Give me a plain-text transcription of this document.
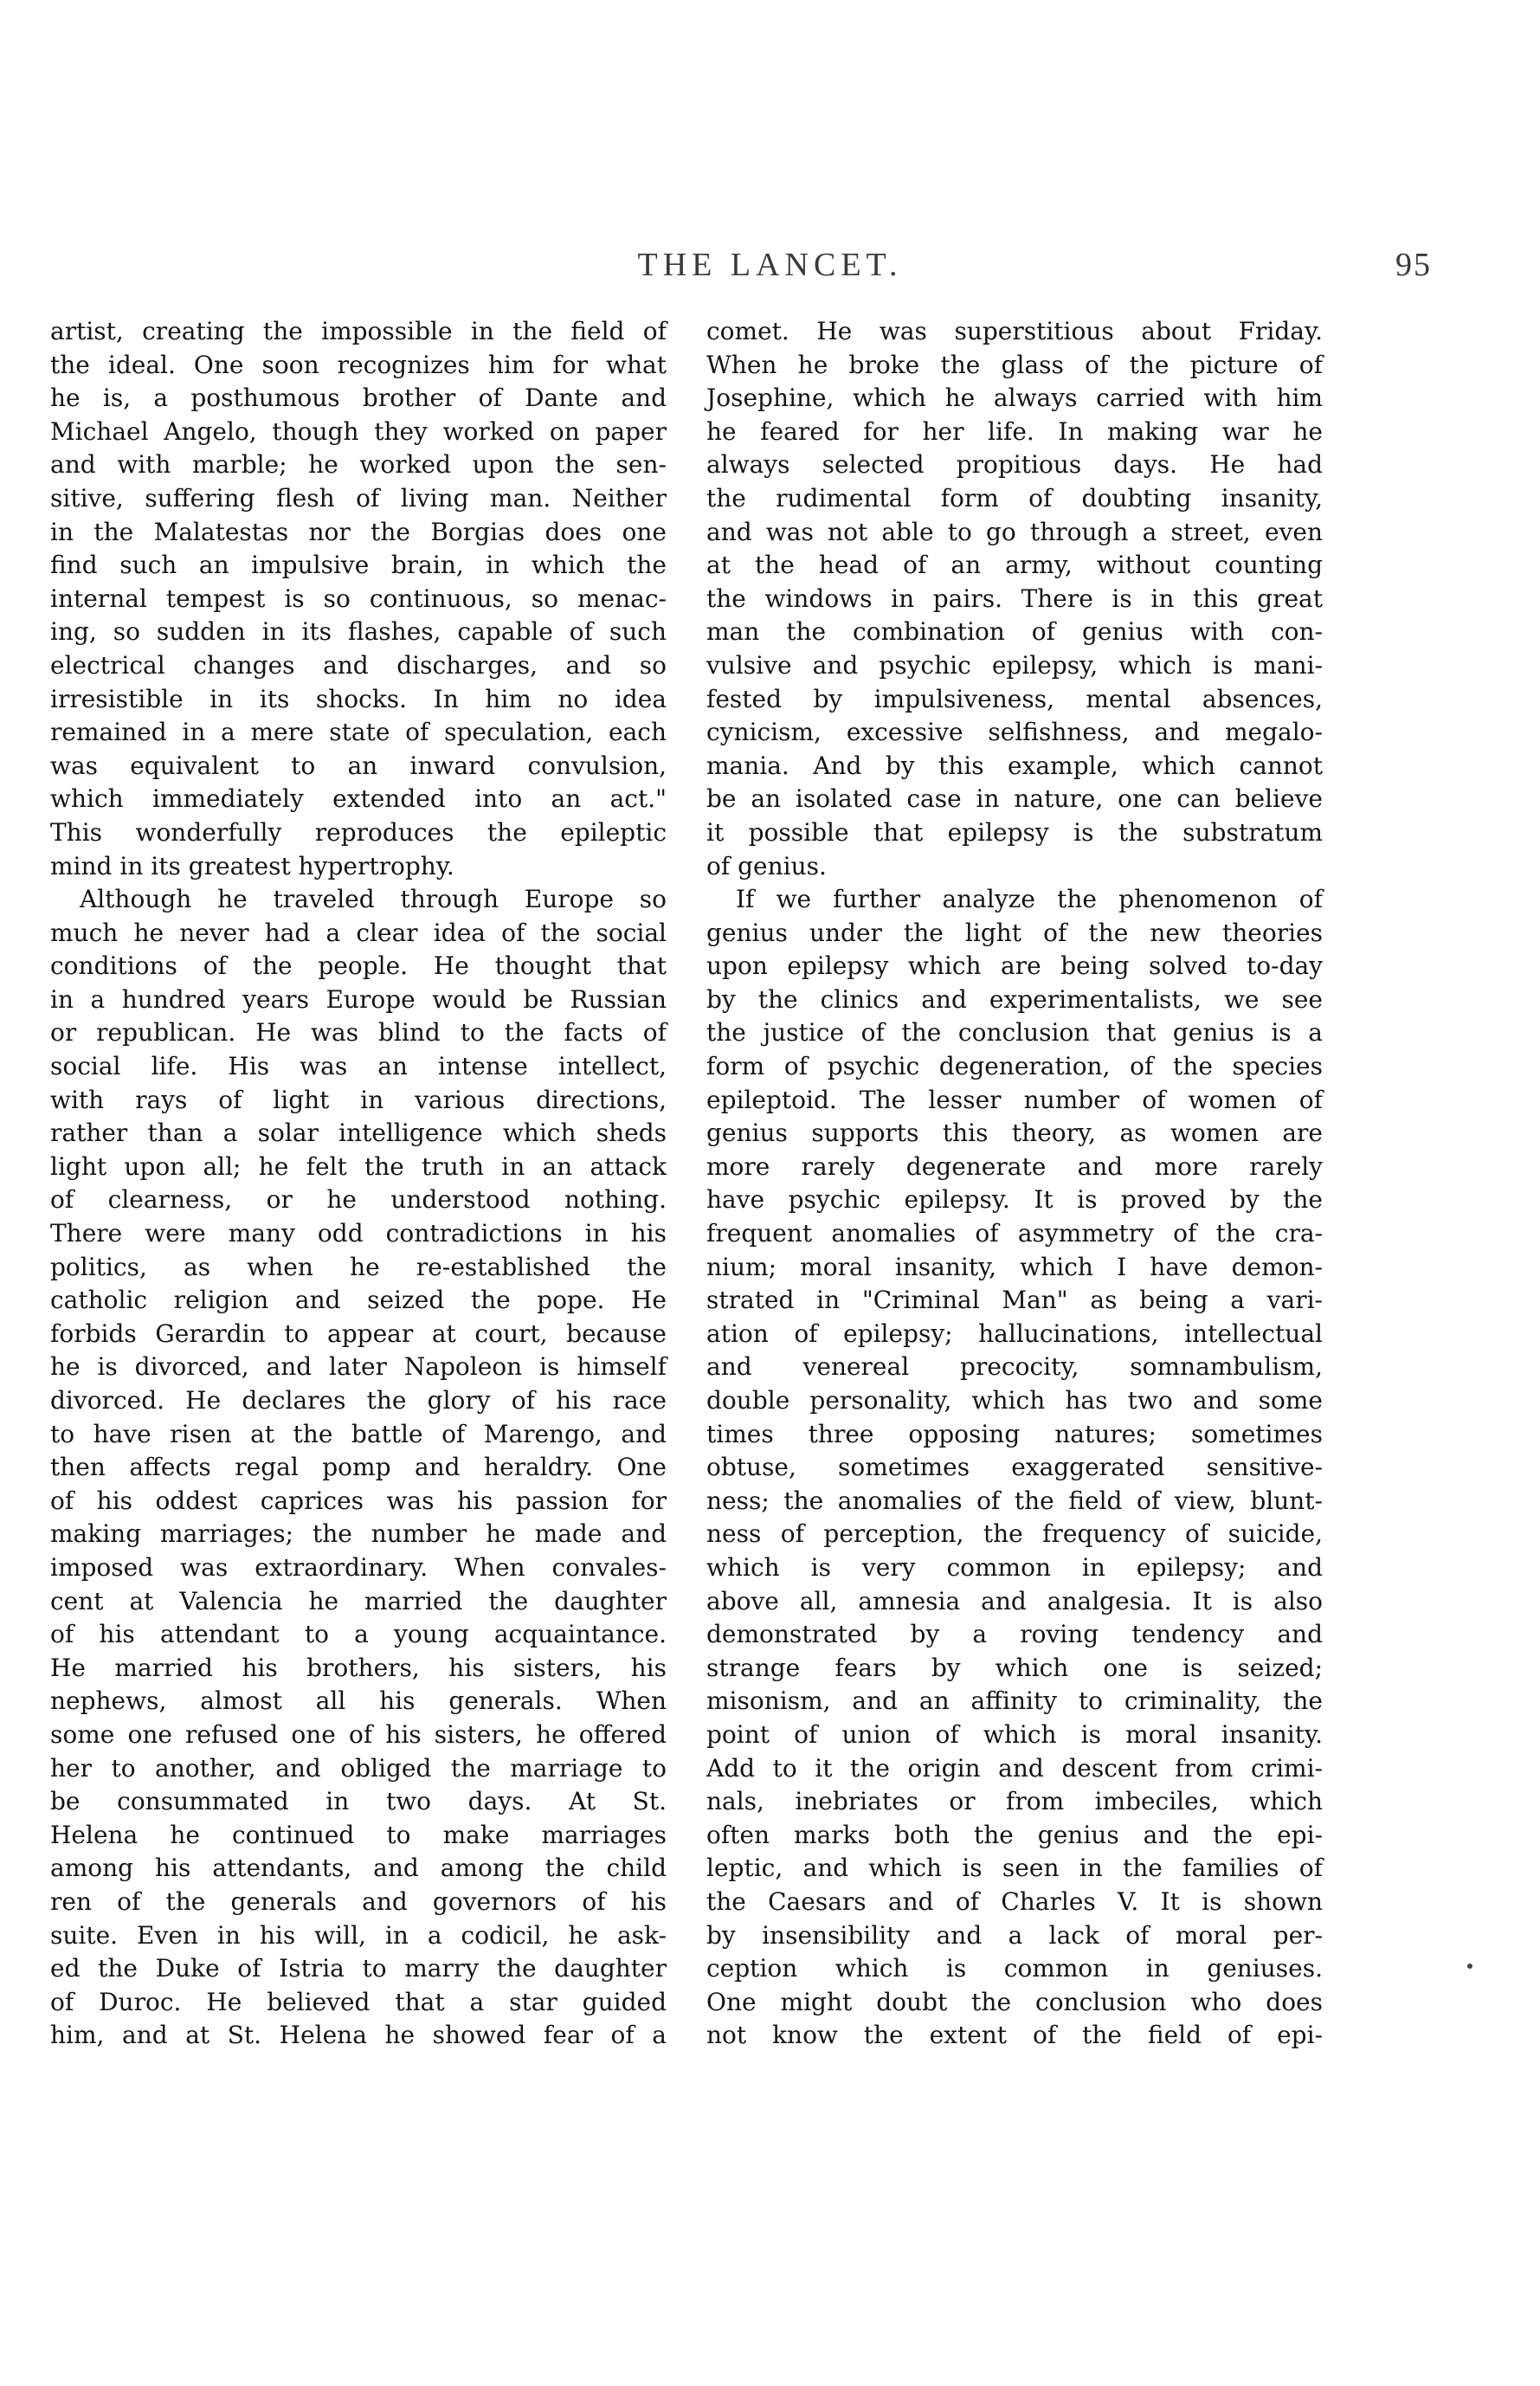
THE LANCET.	95
artist, creating the impossible in the field of
the ideal. One soon recognizes him for what
he is, a posthumous brother of Dante and
Michael Angelo, though they worked on paper
and with marble; he worked upon the sen-
sitive, suffering flesh of living man. Neither
in the Malatestas nor the Borgias does one
find such an impulsive brain, in which the
internal tempest is so continuous, so menac-
ing, so sudden in its flashes, capable of such
electrical changes and discharges, and so
irresistible in its shocks. In him no idea
remained in a mere state of speculation, each
was equivalent to an inward convulsion,
which immediately extended into an act."
This wonderfully reproduces the epileptic
mind in its greatest hypertrophy.
Although he traveled through Europe so
much he never had a clear idea of the social
conditions of the people. He thought that
in a hundred years Europe would be Russian
or republican. He was blind to the facts of
social life. His was an intense intellect,
with rays of light in various directions,
rather than a solar intelligence which sheds
light upon all; he felt the truth in an attack
of clearness, or he understood nothing.
There were many odd contradictions in his
politics, as when he re-established the
catholic religion and seized the pope. He
forbids Gerardin to appear at court, because
he is divorced, and later Napoleon is himself
divorced. He declares the glory of his race
to have risen at the battle of Marengo, and
then affects regal pomp and heraldry. One
of his oddest caprices was his passion for
making marriages; the number he made and
imposed was extraordinary. When convales-
cent at Valencia he married the daughter
of his attendant to a young acquaintance.
He married his brothers, his sisters, his
nephews, almost all his generals. When
some one refused one of his sisters, he offered
her to another, and obliged the marriage to
be consummated in two days. At St.
Helena he continued to make marriages
among his attendants, and among the child
ren of the generals and governors of his
suite. Even in his will, in a codicil, he ask-
ed the Duke of Istria to marry the daughter
of Duroc. He believed that a star guided
him, and at St. Helena he showed fear of a
comet. He was superstitious about Friday.
When he broke the glass of the picture of
Josephine, which he always carried with him
he feared for her life. In making war he
always selected propitious days. He had
the rudimental form of doubting insanity,
and was not able to go through a street, even
at the head of an army, without counting
the windows in pairs. There is in this great
man the combination of genius with con-
vulsive and psychic epilepsy, which is mani-
fested by impulsiveness, mental absences,
cynicism, excessive selfishness, and megalo-
mania. And by this example, which cannot
be an isolated case in nature, one can believe
it possible that epilepsy is the substratum
of genius.
If we further analyze the phenomenon of
genius under the light of the new theories
upon epilepsy which are being solved to-day
by the clinics and experimentalists, we see
the justice of the conclusion that genius is a
form of psychic degeneration, of the species
epileptoid. The lesser number of women of
genius supports this theory, as women are
more rarely degenerate and more rarely
have psychic epilepsy. It is proved by the
frequent anomalies of asymmetry of the cra-
nium; moral insanity, which I have demon-
strated in "Criminal Man" as being a vari-
ation of epilepsy; hallucinations, intellectual
and venereal precocity, somnambulism,
double personality, which has two and some
times three opposing natures; sometimes
obtuse, sometimes exaggerated sensitive-
ness; the anomalies of the field of view, blunt-
ness of perception, the frequency of suicide,
which is very common in epilepsy; and
above all, amnesia and analgesia. It is also
demonstrated by a roving tendency and
strange fears by which one is seized;
misonism, and an affinity to criminality, the
point of union of which is moral insanity.
Add to it the origin and descent from crimi-
nals, inebriates or from imbeciles, which
often marks both the genius and the epi-
leptic, and which is seen in the families of
the Caesars and of Charles V. It is shown
by insensibility and a lack of moral per-
ception which is common in geniuses.
One might doubt the conclusion who does
not know the extent of the field of epi-
